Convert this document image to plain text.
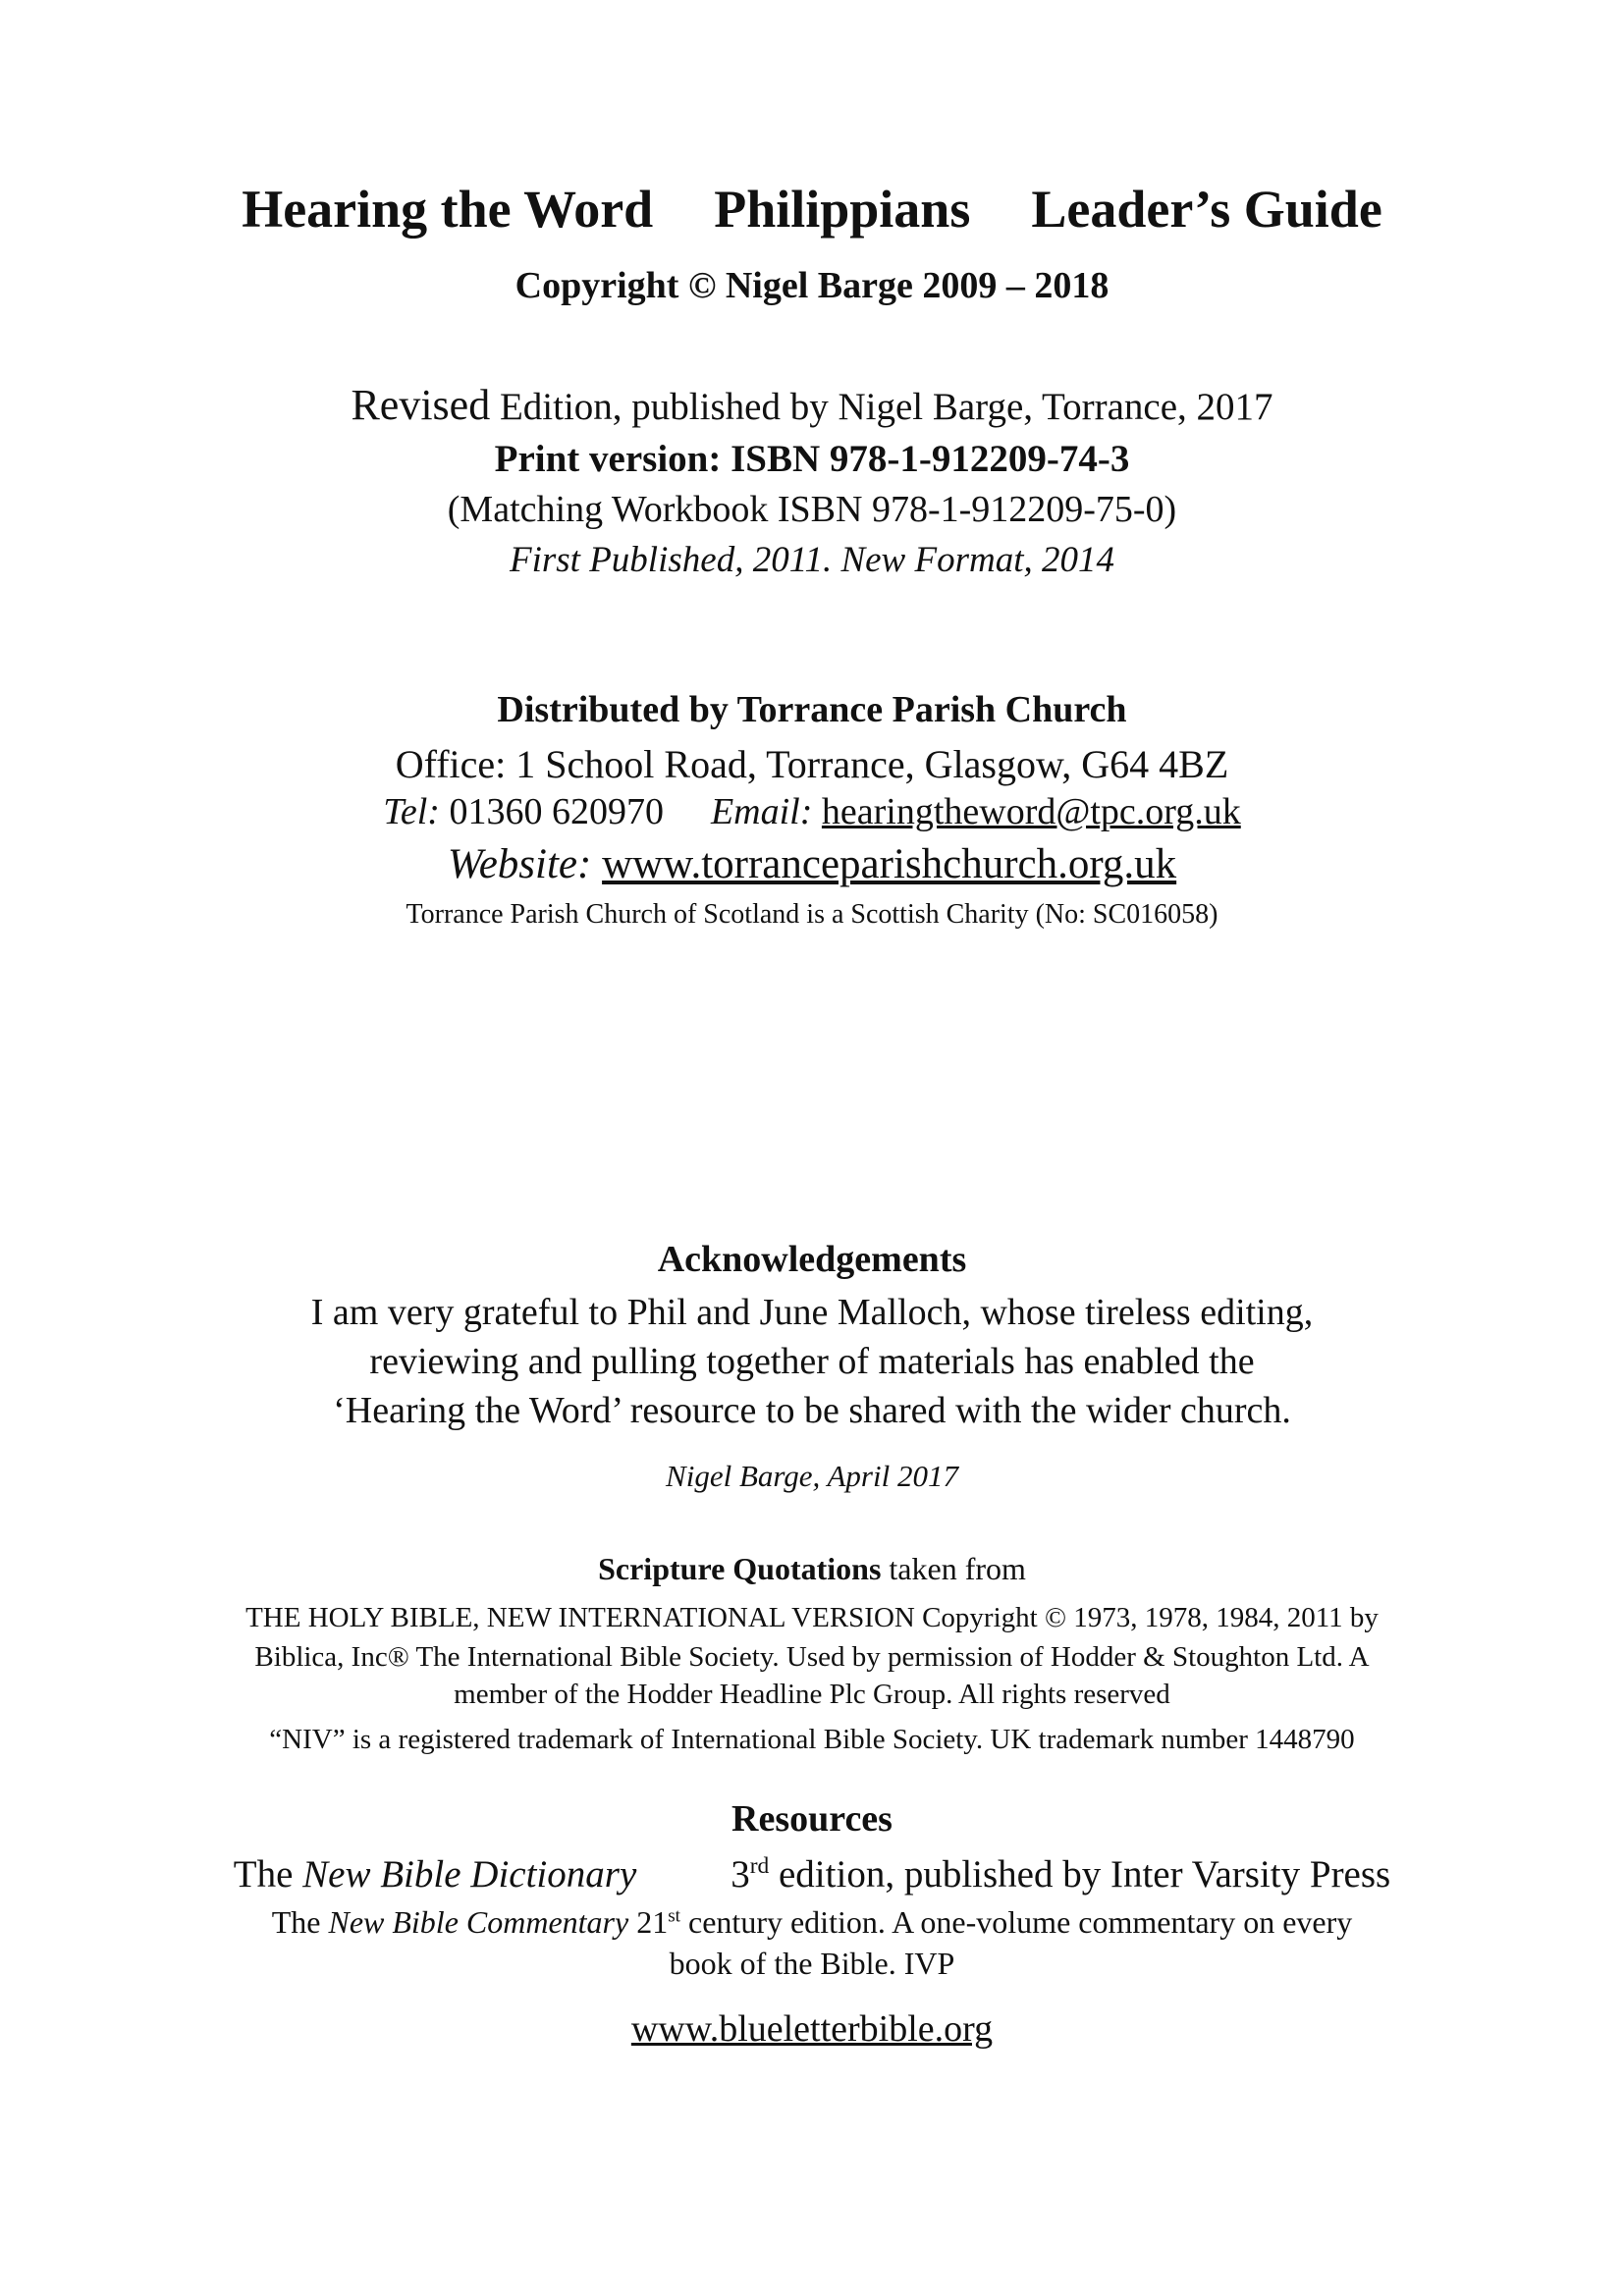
Hearing the Word Philippians Leader’s Guide
Copyright © Nigel Barge 2009 – 2018
Revised Edition, published by Nigel Barge, Torrance, 2017
Print version: ISBN 978-1-912209-74-3
(Matching Workbook ISBN 978-1-912209-75-0)
First Published, 2011. New Format, 2014
Distributed by Torrance Parish Church
Office: 1 School Road, Torrance, Glasgow, G64 4BZ
Tel: 01360 620970 Email: hearingtheword@tpc.org.uk
Website: www.torranceparishchurch.org.uk
Torrance Parish Church of Scotland is a Scottish Charity (No: SC016058)
Acknowledgements
I am very grateful to Phil and June Malloch, whose tireless editing,
reviewing and pulling together of materials has enabled the
‘Hearing the Word’ resource to be shared with the wider church.
Nigel Barge, April 2017
Scripture Quotations taken from
THE HOLY BIBLE, NEW INTERNATIONAL VERSION Copyright © 1973, 1978, 1984, 2011 by
Biblica, Inc® The International Bible Society. Used by permission of Hodder & Stoughton Ltd. A
member of the Hodder Headline Plc Group. All rights reserved
“NIV” is a registered trademark of International Bible Society. UK trademark number 1448790
Resources
The New Bible Dictionary 3rd edition, published by Inter Varsity Press
The New Bible Commentary 21st century edition. A one-volume commentary on every
book of the Bible. IVP
www.blueletterbible.org
